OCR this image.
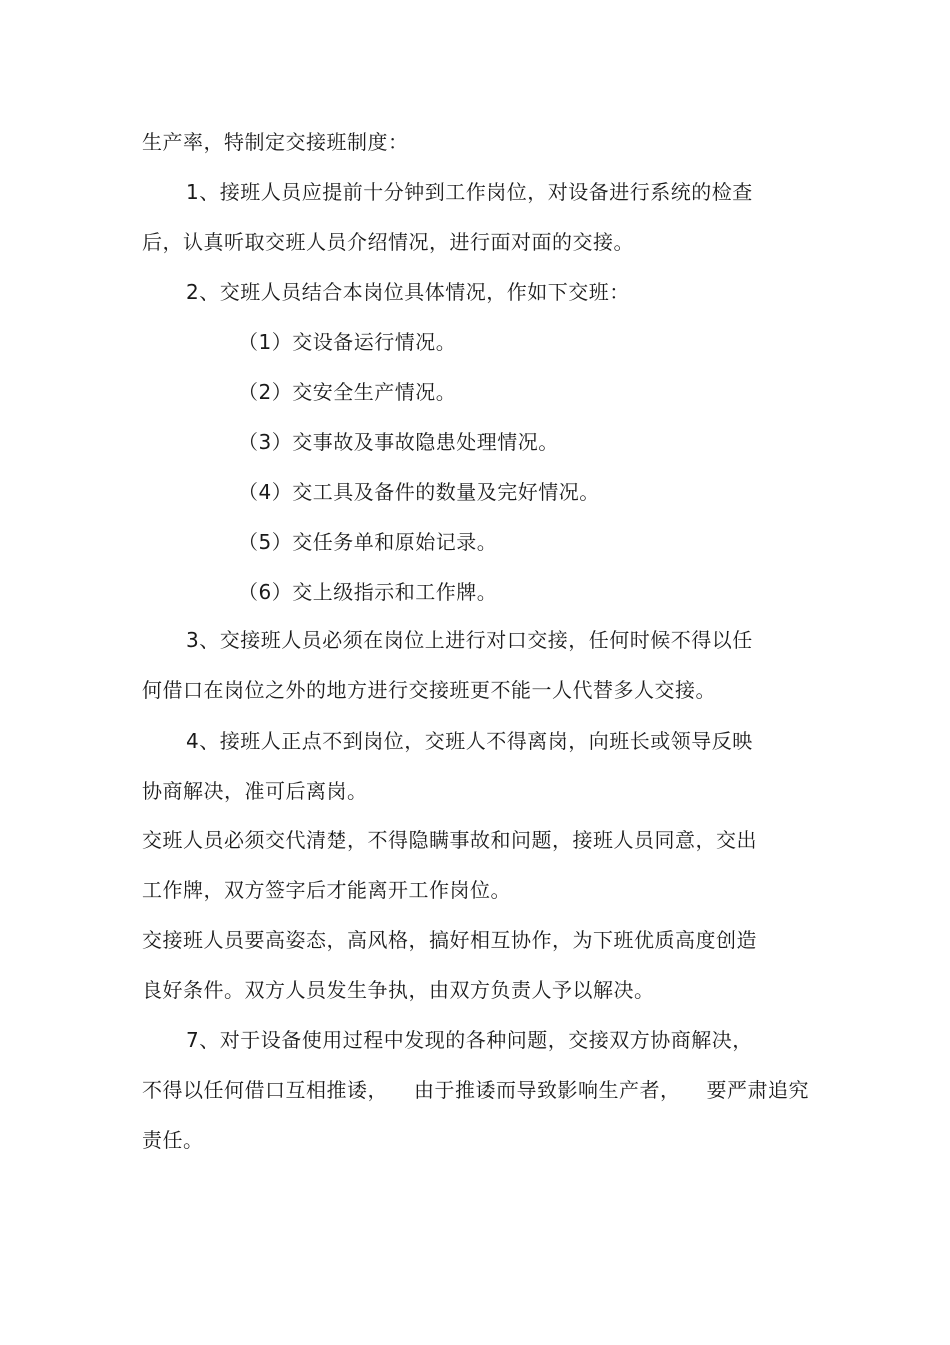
生产率，特制定交接班制度：
1、接班人员应提前十分钟到工作岗位，对设备进行系统的检查
后，认真听取交班人员介绍情况，进行面对面的交接。
2、交班人员结合本岗位具体情况，作如下交班：
（1）交设备运行情况。
（2）交安全生产情况。
（3）交事故及事故隐患处理情况。
（4）交工具及备件的数量及完好情况。
（5）交任务单和原始记录。
（6）交上级指示和工作牌。
3、交接班人员必须在岗位上进行对口交接，任何时候不得以任
何借口在岗位之外的地方进行交接班更不能一人代替多人交接。
4、接班人正点不到岗位，交班人不得离岗，向班长或领导反映
协商解决，准可后离岗。
交班人员必须交代清楚，不得隐瞒事故和问题，接班人员同意，交出
工作牌，双方签字后才能离开工作岗位。
交接班人员要高姿态，高风格，搞好相互协作，为下班优质高度创造
良好条件。双方人员发生争执，由双方负责人予以解决。
7、对于设备使用过程中发现的各种问题，交接双方协商解决，
不得以任何借口互相推诿， 由于推诿而导致影响生产者， 要严肃追究
责任。
